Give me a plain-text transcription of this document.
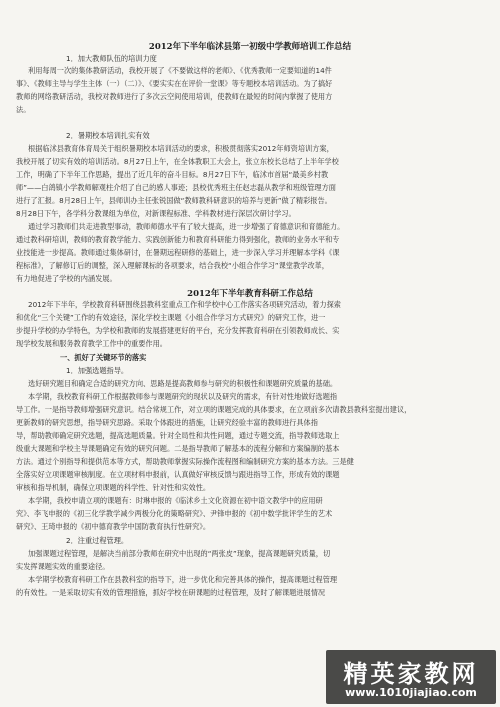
2012年下半年临沭县第一初级中学教师培训工作总结
1．加大教师队伍的培训力度
利用每周一次的集体教研活动，我校开展了《不要做这样的老师》、《优秀教师一定要知道的14件
事》、《教师主导与学生主体（一）（二）》、《要实实在在评价一堂课》等专题校本培训活动。为了搞好
教师的网络教研活动，我校对教师进行了多次云空间使用培训，使教师在最短的时间内掌握了使用方
法。
2．暑期校本培训扎实有效
根据临沭县教育体育局关于组织暑期校本培训活动的要求，积极贯彻落实2012年师资培训方案，
我校开展了切实有效的培训活动。8月27日上午，在全体教职工大会上，张立东校长总结了上半年学校
工作，明确了下半年工作思路，提出了近几年的奋斗目标。8月27日下午，临沭市首届“最美乡村教
师”——白鸽镇小学教师解观柱介绍了自己的感人事迹；县校优秀班主任赵志磊从教学和班级管理方面
进行了汇报。8月28日上午，县师训办主任张锐国做“教师教科研意识的培养与更新”做了精彩报告。
8月28日下午，各学科分教课组为单位，对新课程标准、学科教材进行深层次研讨学习。
通过学习教师们共走进教型事动，教师师德水平有了较大提高，进一步增强了育德意识和育德能力。
通过教科研培训，教师的教育教学能力、实践创新能力和教育科研能力得到强化，教师的业务水平和专
业技能进一步提高。教师通过集体研讨，在暑期远程研修的基础上，进一步深入学习并理解本学科《课
程标准》，了解修订后的调整，深入理解课标的各项要求，结合我校“小组合作学习”课堂教学改革，
有力地促进了学校的内涵发展。
2012年下半年教育科研工作总结
2012年下半年，学校教育科研围绕县教科室重点工作和学校中心工作落实各项研究活动，着力探索
和优化“三个关键”工作的有效途径，深化学校主课题《小组合作学习方式研究》的研究工作，进一
步提升学校的办学特色，为学校和教师的发展搭建更好的平台，充分发挥教育科研在引领教师成长、实
现学校发展和服务教育教学工作中的重要作用。
一、抓好了关键环节的落实
1．加强选题指导。
选好研究题目和确定合适的研究方向、思路是提高教师参与研究的积极性和课题研究质量的基础。
本学期，我校教育科研工作根据教师参与课题研究的现状以及研究的需求，有针对性地做好选题指
导工作。一是指导教师增强研究意识。结合常规工作，对立项的课题完成的具体要求，在立项前多次请教县教科室提出建议，
更新教师的研究思想，指导研究思路。采取个体跟进的措施，让研究经验丰富的教师进行具体指
导，帮助教师确定研究选题，提高选题质量。针对全局性和共性问题，通过专题交流，指导教师选取上
级重大课题和学校主导课题确定有效的研究问题。二是指导教师了解基本的流程分解和方案编制的基本
方法。通过个别指导和提供范本等方式，帮助教师掌握实际操作流程图和编制研究方案的基本方法。三是健
全落实好立项课题审核制度。在立项材料申报前，认真做好审核反馈与跟进指导工作，形成有效的课题
审核和指导机制，确保立项课题的科学性、针对性和实效性。
本学期，我校申请立项的课题有：时琳申报的《临沭乡土文化资源在初中语文教学中的应用研
究》、李飞申报的《初三化学教学减少两极分化的策略研究》、尹锋申报的《初中数学批评学生的艺术
研究》、王琦申报的《初中德育教学中国防教育执行性研究》。
2．注重过程管理。
加强课题过程管理，是解决当前部分教师在研究中出现的“两张皮”现象，提高课题研究质量，切
实发挥课题实效的重要途径。
本学期学校教育科研工作在县教科室的指导下，进一步优化和完善具体的操作，提高课题过程管理
的有效性。一是采取切实有效的管理措施，抓好学校在研课题的过程管理，及时了解课题进展情况
精英家教网
www.1010jiajiao.com
